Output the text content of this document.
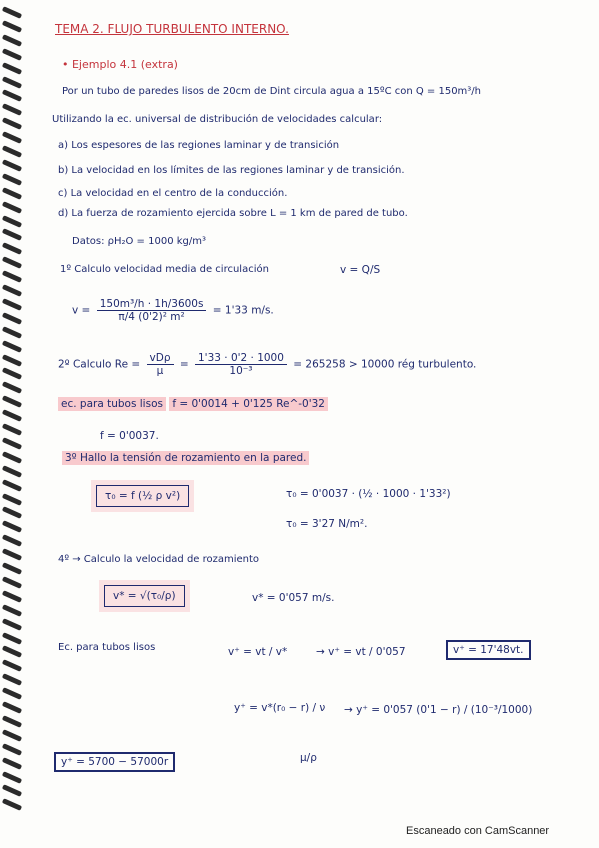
TEMA 2. FLUJO TURBULENTO INTERNO.
• Ejemplo 4.1 (extra)
Por un tubo de paredes lisos de 20cm de Dint circula agua a 15ºC con Q = 150m³/h
Utilizando la ec. universal de distribución de velocidades calcular:
a) Los espesores de las regiones laminar y de transición
b) La velocidad en los límites de las regiones laminar y de transición.
c) La velocidad en el centro de la conducción.
d) La fuerza de rozamiento ejercida sobre L = 1 km de pared de tubo.
Datos: ρH₂O = 1000 kg/m³
1º Calculo velocidad media de circulación	v = Q/S
$v = \frac{\text{150m³/h · 1h/3600s}}{\text{π/4 (0'2)² m²}} = 1'33$ m/s.
2º Calculo $Re = \frac{\text{vDρ}}{\mu} = \frac{1'33 \cdot 0'2 \cdot 1000}{\text{10⁻³}} = 265258 > 10000$ rég turbulento.
ec. para tubos lisos f = 0'0014 + 0'125 Re^-0'32
f = 0'0037.
3º Hallo la tensión de rozamiento en la pared.
τ₀ = f (½ ρ v²)	τ₀ = 0'0037 · (½ · 1000 · 1'33²)
τ₀ = 3'27 N/m².
4º → Calculo la velocidad de rozamiento
v* = √(τ₀/ρ)	v* = 0'057 m/s.
Ec. para tubos lisos	v⁺ = vt / v*	→ v⁺ = vt / 0'057	v⁺ = 17'48vt.
y⁺ = v*(r₀ − r) / ν → y⁺ = 0'057 (0'1 − r) / (10⁻³/1000)
μ/ρ
y⁺ = 5700 − 57000r
Escaneado con CamScanner
